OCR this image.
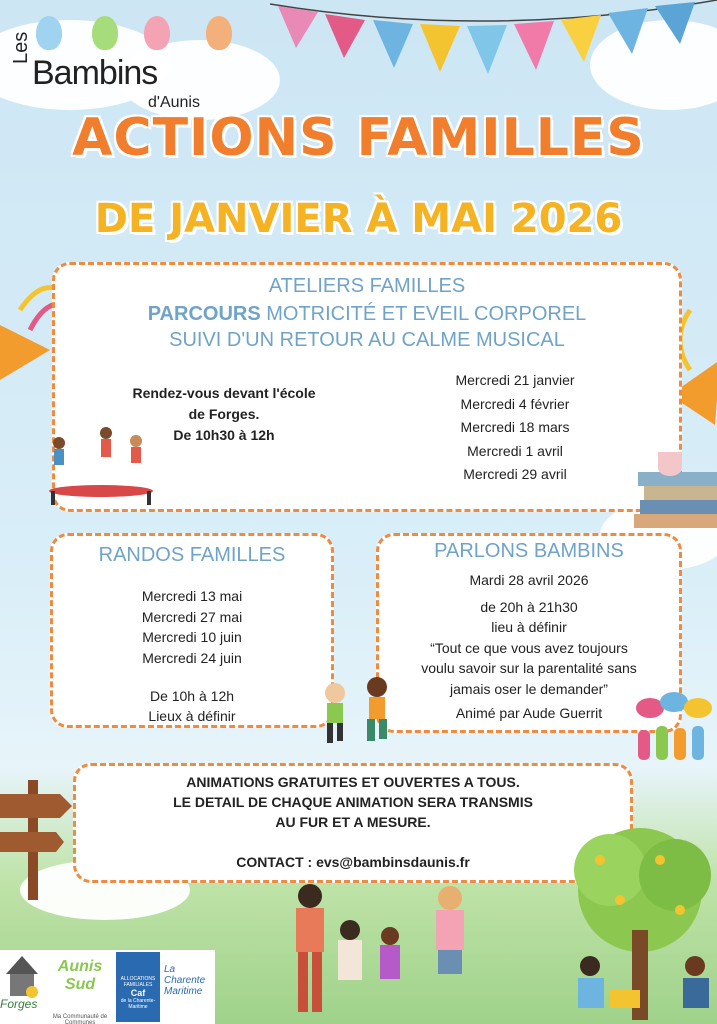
Les
Bambins
d'Aunis
ACTIONS FAMILLES
DE JANVIER À MAI 2026
ATELIERS FAMILLES
PARCOURS MOTRICITÉ ET EVEIL CORPOREL
SUIVI D'UN RETOUR AU CALME MUSICAL
Rendez-vous devant l'école
de Forges.
De 10h30 à 12h
Mercredi 21 janvier
Mercredi 4 février
Mercredi 18 mars
Mercredi 1 avril
Mercredi 29 avril
RANDOS FAMILLES
Mercredi 13 mai
Mercredi 27 mai
Mercredi 10 juin
Mercredi 24 juin
De 10h à 12h
Lieux à définir
PARLONS BAMBINS
Mardi 28 avril 2026
de 20h à 21h30
lieu à définir
“Tout ce que vous avez toujours
voulu savoir sur la parentalité sans
jamais oser le demander”
Animé par Aude Guerrit
ANIMATIONS GRATUITES ET OUVERTES A TOUS.
LE DETAIL DE CHAQUE ANIMATION SERA TRANSMIS
AU FUR ET A MESURE.
CONTACT : evs@bambinsdaunis.fr
Forges
Aunis Sud
Ma Communauté de Communes
ALLOCATIONS FAMILIALES
Caf
de la Charente-Maritime
La
Charente
Maritime
